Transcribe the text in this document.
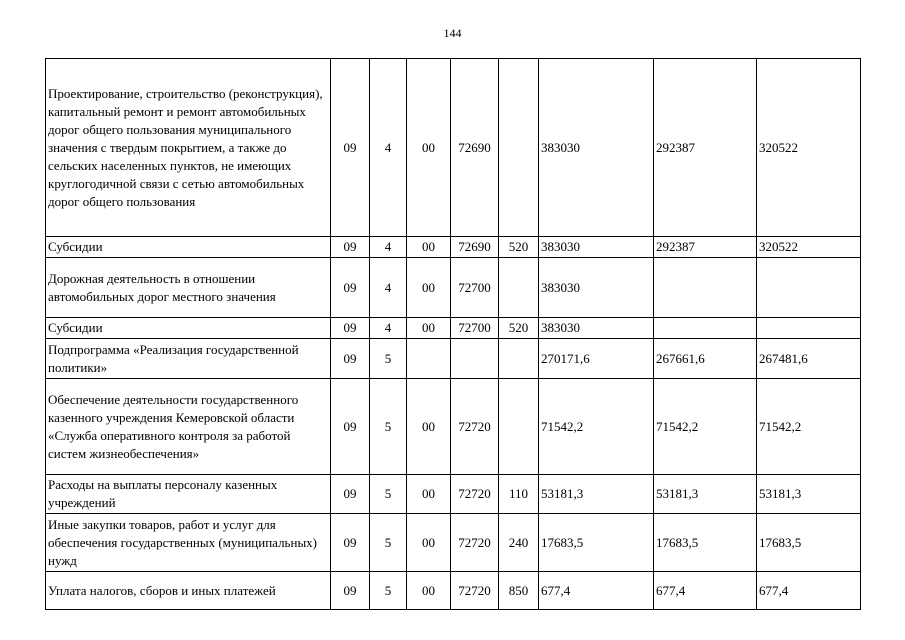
144
Проектирование, строительство (реконструкция), капитальный ремонт и ремонт автомобильных дорог общего пользования муниципального значения с твердым покрытием, а также до сельских населенных пунктов, не имеющих круглогодичной связи с сетью автомобильных дорог общего пользования	09	4	00	72690		383030	292387	320522
Субсидии	09	4	00	72690	520	383030	292387	320522
Дорожная деятельность в отношении автомобильных дорог местного значения	09	4	00	72700		383030		
Субсидии	09	4	00	72700	520	383030		
Подпрограмма «Реализация государственной политики»	09	5				270171,6	267661,6	267481,6
Обеспечение деятельности государственного казенного учреждения Кемеровской области «Служба оперативного контроля за работой систем жизнеобеспечения»	09	5	00	72720		71542,2	71542,2	71542,2
Расходы на выплаты персоналу казенных учреждений	09	5	00	72720	110	53181,3	53181,3	53181,3
Иные закупки товаров, работ и услуг для обеспечения государственных (муниципальных) нужд	09	5	00	72720	240	17683,5	17683,5	17683,5
Уплата налогов, сборов и иных платежей	09	5	00	72720	850	677,4	677,4	677,4
